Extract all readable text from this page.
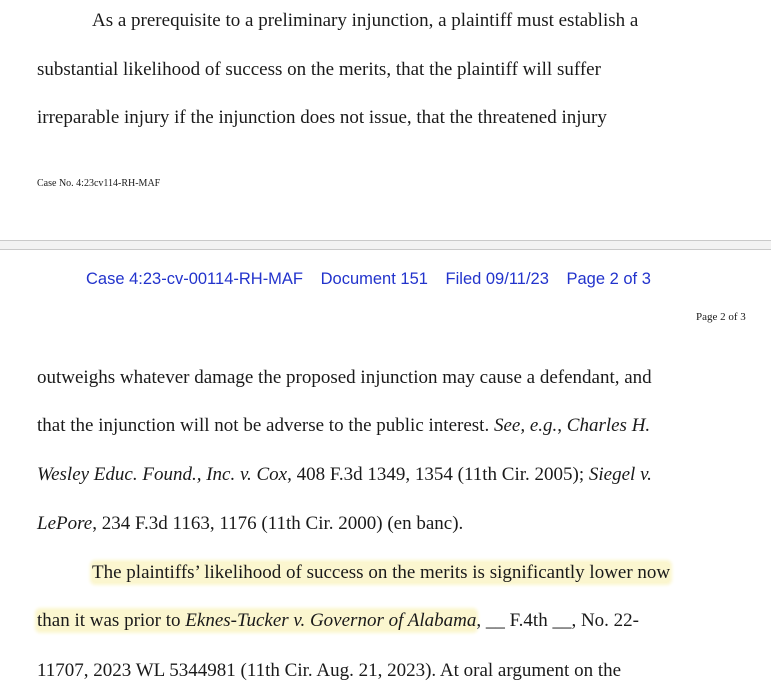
As a prerequisite to a preliminary injunction, a plaintiff must establish a
substantial likelihood of success on the merits, that the plaintiff will suffer
irreparable injury if the injunction does not issue, that the threatened injury
Case No. 4:23cv114-RH-MAF
Case 4:23-cv-00114-RH-MAF Document 151 Filed 09/11/23 Page 2 of 3
Page 2 of 3
outweighs whatever damage the proposed injunction may cause a defendant, and
that the injunction will not be adverse to the public interest. See, e.g., Charles H.
Wesley Educ. Found., Inc. v. Cox, 408 F.3d 1349, 1354 (11th Cir. 2005); Siegel v.
LePore, 234 F.3d 1163, 1176 (11th Cir. 2000) (en banc).
The plaintiffs’ likelihood of success on the merits is significantly lower now
than it was prior to Eknes-Tucker v. Governor of Alabama, __ F.4th __, No. 22-
11707, 2023 WL 5344981 (11th Cir. Aug. 21, 2023). At oral argument on the
